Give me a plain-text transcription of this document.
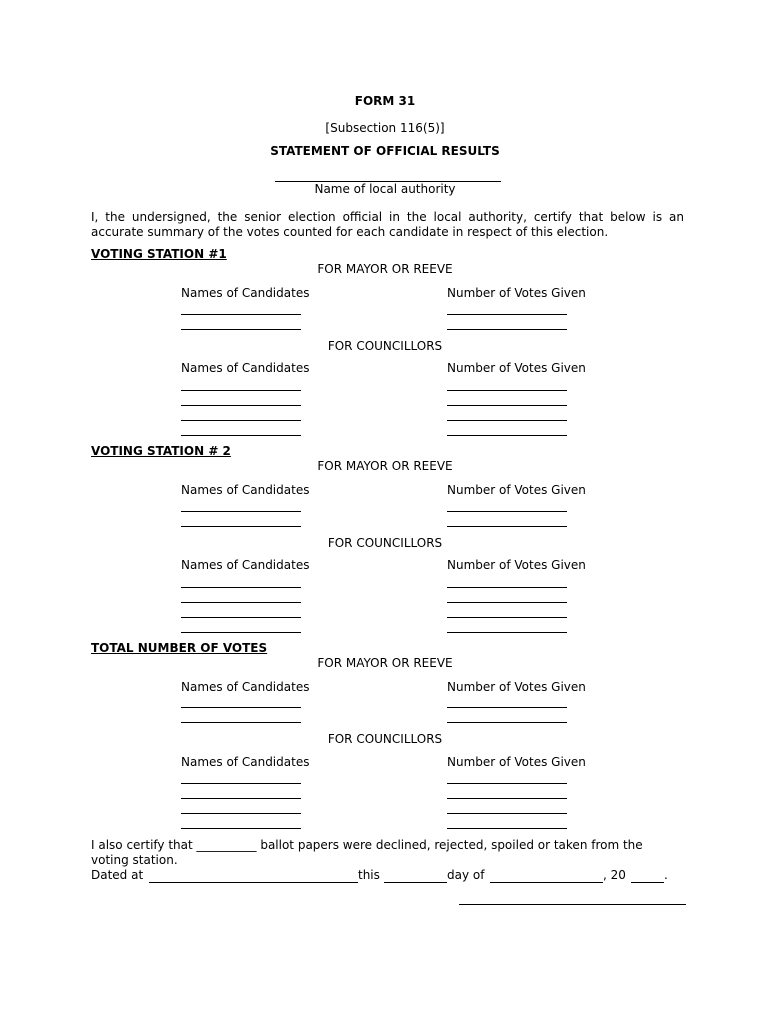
FORM 31
[Subsection 116(5)]
STATEMENT OF OFFICIAL RESULTS
Name of local authority
I, the undersigned, the senior election official in the local authority, certify that below is an accurate summary of the votes counted for each candidate in respect of this election.
VOTING STATION #1
FOR MAYOR OR REEVE
Names of Candidates	Number of Votes Given
FOR COUNCILLORS
Names of Candidates	Number of Votes Given
VOTING STATION # 2
FOR MAYOR OR REEVE
Names of Candidates	Number of Votes Given
FOR COUNCILLORS
Names of Candidates	Number of Votes Given
TOTAL NUMBER OF VOTES
FOR MAYOR OR REEVE
Names of Candidates	Number of Votes Given
FOR COUNCILLORS
Names of Candidates	Number of Votes Given
I also certify that __________ ballot papers were declined, rejected, spoiled or taken from the
voting station.
Dated at	this	day of	, 20	.
